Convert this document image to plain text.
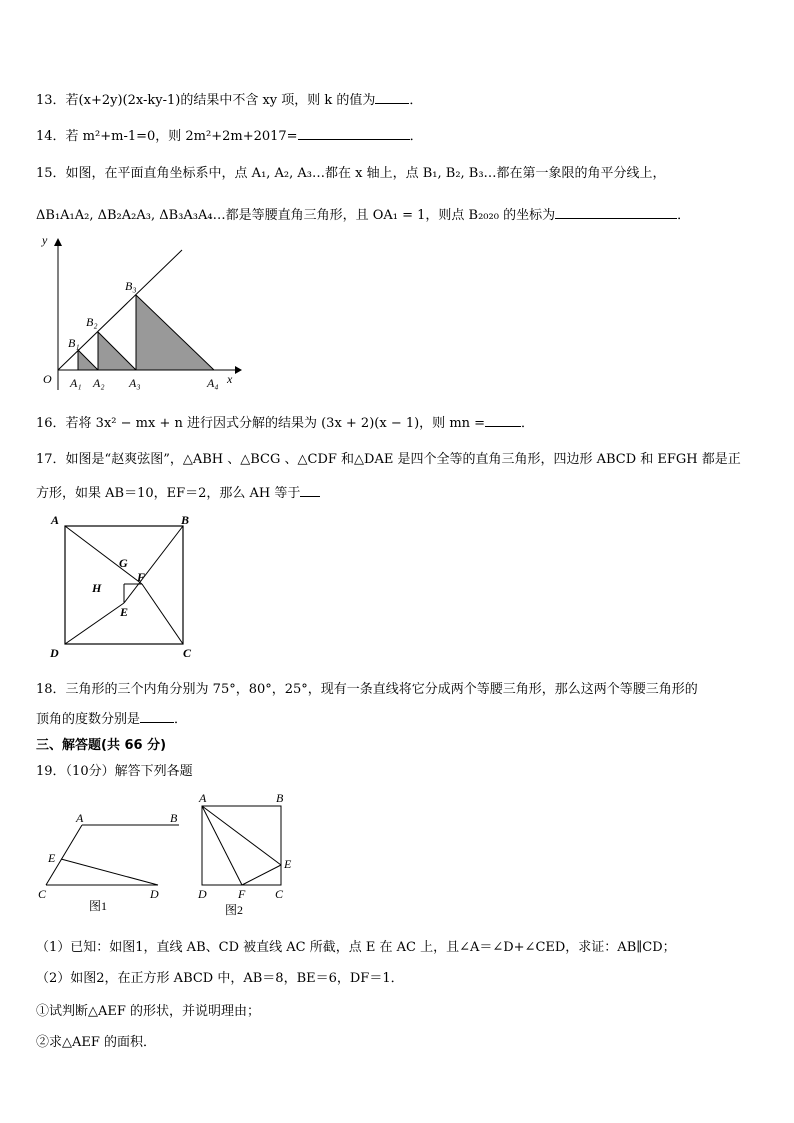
13．若(x+2y)(2x-ky-1)的结果中不含 xy 项，则 k 的值为	．
14．若 m²+m-1=0，则 2m²+2m+2017=	．
15．如图，在平面直角坐标系中，点 A₁, A₂, A₃…都在 x 轴上，点 B₁, B₂, B₃…都在第一象限的角平分线上，
ΔB₁A₁A₂, ΔB₂A₂A₃, ΔB₃A₃A₄…都是等腰直角三角形，且 OA₁ = 1，则点 B₂₀₂₀ 的坐标为	．
y
x
O A₁ A₂ A₃	A₄
B₁
B₂
B₃
16．若将 3x² − mx + n 进行因式分解的结果为 (3x + 2)(x − 1)，则 mn =	．
17．如图是“赵爽弦图”，△ABH 、△BCG 、△CDF 和△DAE 是四个全等的直角三角形，四边形 ABCD 和 EFGH 都是正
方形，如果 AB＝10，EF＝2，那么 AH 等于
A	B
C
D
E
F
G
H
18．三角形的三个内角分别为 75°，80°，25°，现有一条直线将它分成两个等腰三角形，那么这两个等腰三角形的
顶角的度数分别是	．
三、解答题(共 66 分)
19．（10分）解答下列各题
A	B
C	D
E
图1
A	B
C
D
E
F
图2
（1）已知：如图1，直线 AB、CD 被直线 AC 所截，点 E 在 AC 上，且∠A＝∠D+∠CED，求证：AB∥CD；
（2）如图2，在正方形 ABCD 中，AB＝8，BE＝6，DF＝1．
①试判断△AEF 的形状，并说明理由；
②求△AEF 的面积．
